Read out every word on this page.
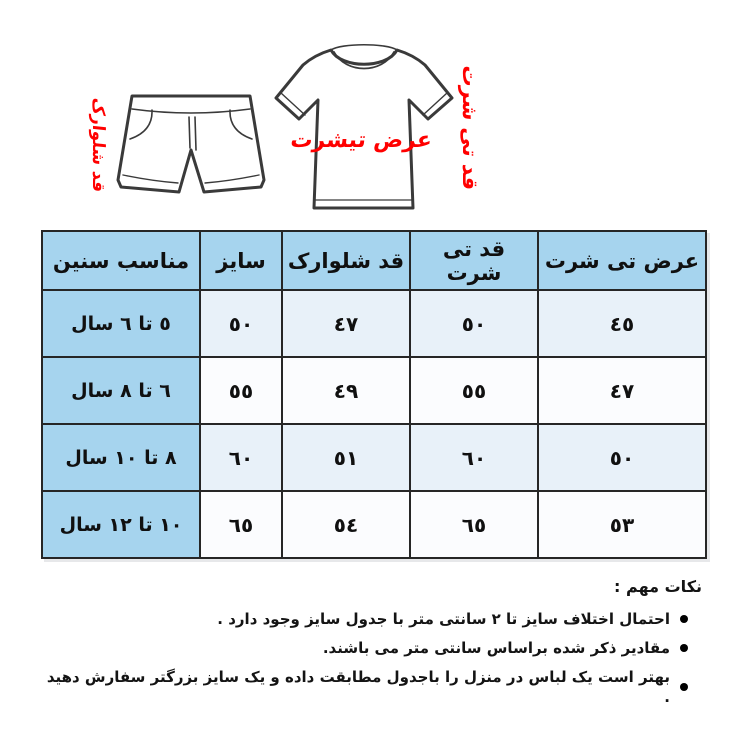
قد شلوارک	عرض تیشرت قد تی شرت
عرض تی شرت	قد تی شرت	قد شلوارک	سایز	مناسب سنین
٤٥	٥٠	٤٧	٥٠	٥ تا ٦ سال
٤٧	٥٥	٤٩	٥٥	٦ تا ٨ سال
٥٠	٦٠	٥١	٦٠	٨ تا ١٠ سال
٥٣	٦٥	٥٤	٦٥	١٠ تا ١٢ سال
نکات مهم :
احتمال اختلاف سایز تا ۲ سانتی متر با جدول سایز وجود دارد .
مقادیر ذکر شده براساس سانتی متر می باشند.
بهتر است یک لباس در منزل را باجدول مطابقت داده و یک سایز بزرگتر سفارش دهید .
